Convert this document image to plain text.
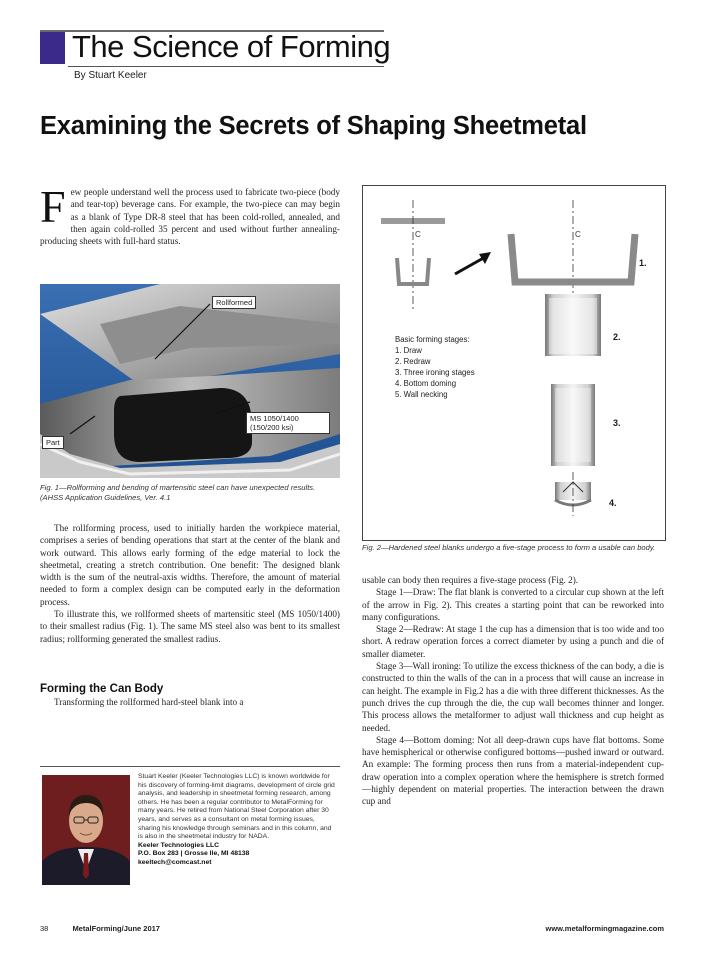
The Science of Forming
By Stuart Keeler
Examining the Secrets of Shaping Sheetmetal

Few people understand well the process used to fabricate two-piece (body and tear-top) beverage cans. For example, the two-piece can may begin as a blank of Type DR-8 steel that has been cold-rolled, annealed, and then again cold-rolled 35 percent and used without further annealing-producing sheets with full-hard status.

Rollformed
MS 1050/1400
(150/200 ksi)
Part
Fig. 1—Rollforming and bending of martensitic steel can have unexpected results. (AHSS Application Guidelines, Ver. 4.1

The rollforming process, used to initially harden the workpiece material, comprises a series of bending operations that start at the center of the blank and work outward. This allows early forming of the edge material to lock the sheetmetal, creating a stretch contribution. One benefit: The designed blank width is the sum of the neutral-axis widths. Therefore, the amount of material needed to form a complex design can be computed early in the deformation process.

To illustrate this, we rollformed sheets of martensitic steel (MS 1050/1400) to their smallest radius (Fig. 1). The same MS steel also was bent to its smallest radius; rollforming generated the smallest radius.

Forming the Can Body

Transforming the rollformed hard-steel blank into a

Stuart Keeler (Keeler Technologies LLC) is known worldwide for his discovery of forming-limit diagrams, development of circle grid analysis, and leadership in sheetmetal forming research, among others. He has been a regular contributor to MetalForming for many years. He retired from National Steel Corporation after 30 years, and serves as a consultant on metal forming issues, sharing his knowledge through seminars and in this column, and is also in the sheetmetal industry for NADA.

Keeler Technologies LLC

P.O. Box 283 | Grosse Ile, MI 48138

keeltech@comcast.net

C	C
1.
2.
3.
4.
Basic forming stages:
1. Draw
2. Redraw
3. Three ironing stages
4. Bottom doming
5. Wall necking
Fig. 2—Hardened steel blanks undergo a five-stage process to form a usable can body.

usable can body then requires a five-stage process (Fig. 2).

Stage 1—Draw: The flat blank is converted to a circular cup shown at the left of the arrow in Fig. 2). This creates a starting point that can be reworked into many configurations.

Stage 2—Redraw: At stage 1 the cup has a dimension that is too wide and too short. A redraw operation forces a correct diameter by using a punch and die of smaller diameter.

Stage 3—Wall ironing: To utilize the excess thickness of the can body, a die is constructed to thin the walls of the can in a process that will cause an increase in can height. The example in Fig.2 has a die with three different thicknesses. As the punch drives the cup through the die, the cup wall becomes thinner and longer. This process allows the metalformer to adjust wall thickness and cup height as needed.

Stage 4—Bottom doming: Not all deep-drawn cups have flat bottoms. Some have hemispherical or otherwise configured bottoms—pushed inward or outward. An example: The forming process then runs from a material-independent cup-draw operation into a complex operation where the hemisphere is stretch formed—highly dependent on material properties. The interaction between the drawn cup and

38	MetalForming/June 2017	www.metalformingmagazine.com
